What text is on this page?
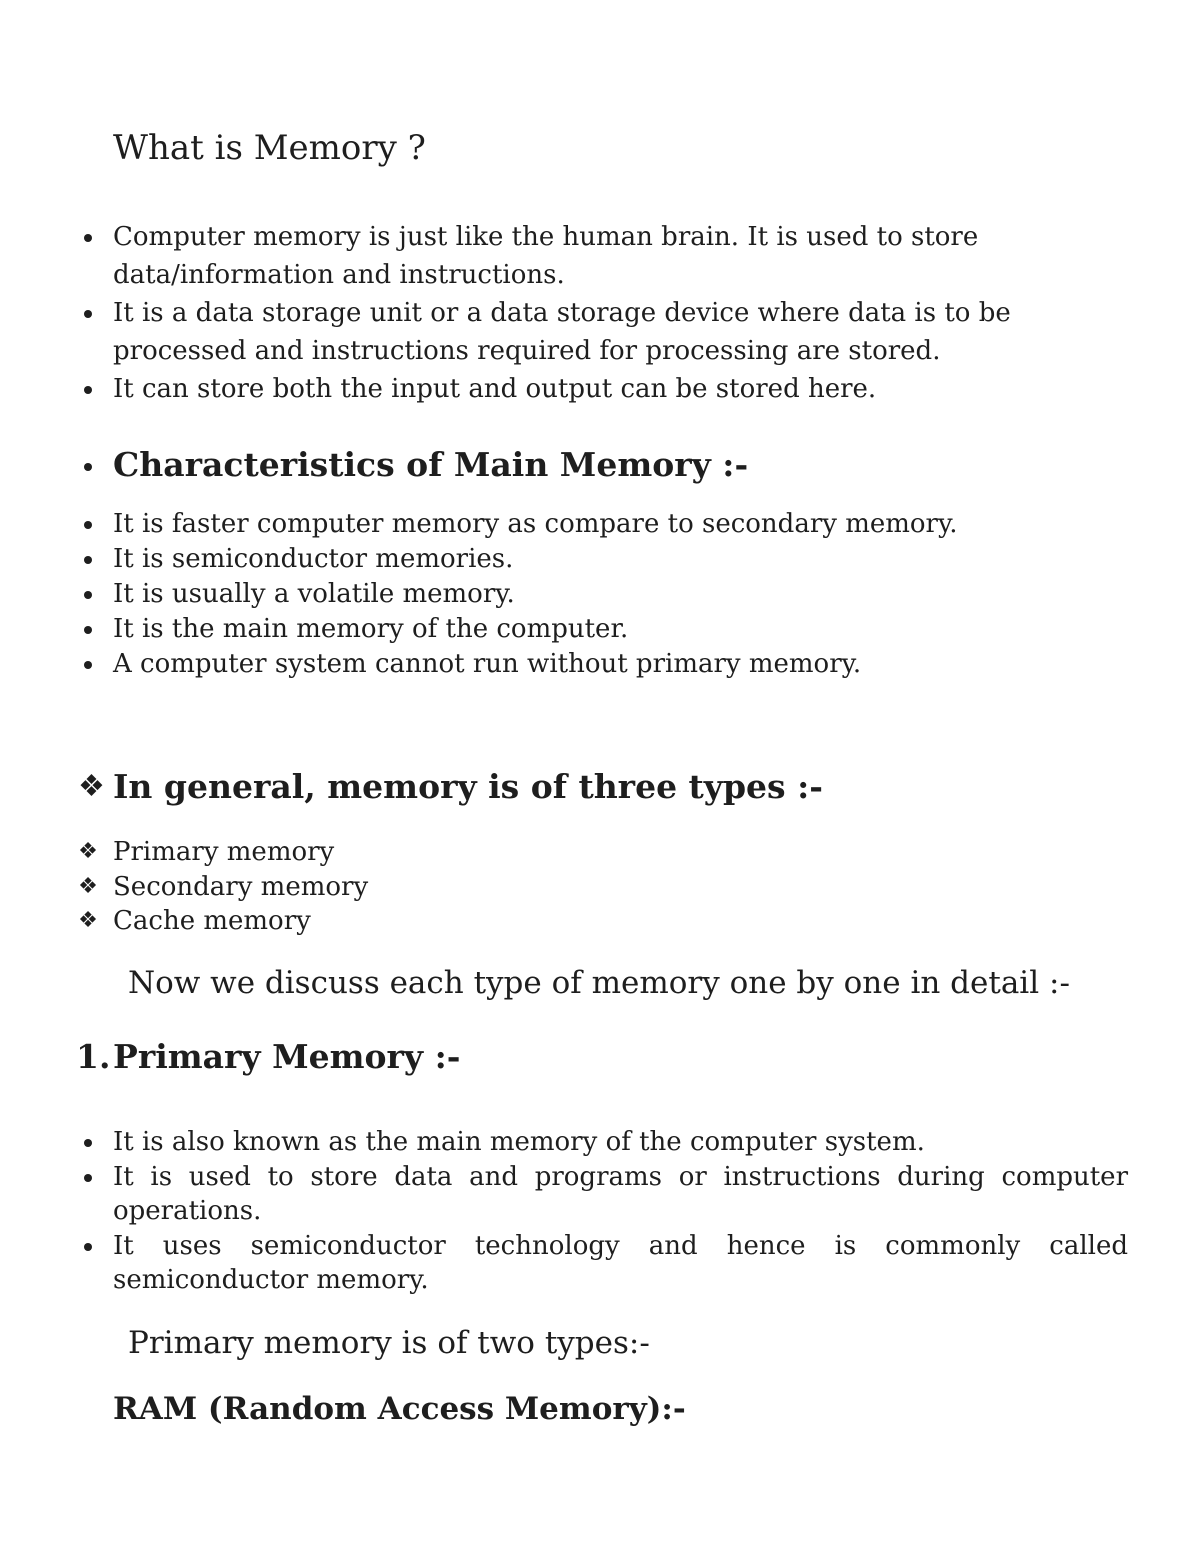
What is Memory ?
Computer memory is just like the human brain. It is used to store data/information and instructions.
It is a data storage unit or a data storage device where data is to be processed and instructions required for processing are stored.
It can store both the input and output can be stored here.
Characteristics of Main Memory :-
It is faster computer memory as compare to secondary memory.
It is semiconductor memories.
It is usually a volatile memory.
It is the main memory of the computer.
A computer system cannot run without primary memory.
❖ In general, memory is of three types :-
❖ Primary memory
❖ Secondary memory
❖ Cache memory
Now we discuss each type of memory one by one in detail :-
1. Primary Memory :-
It is also known as the main memory of the computer system.
It is used to store data and programs or instructions during computer operations.
It uses semiconductor technology and hence is commonly called semiconductor memory.
Primary memory is of two types:-
RAM (Random Access Memory):-
